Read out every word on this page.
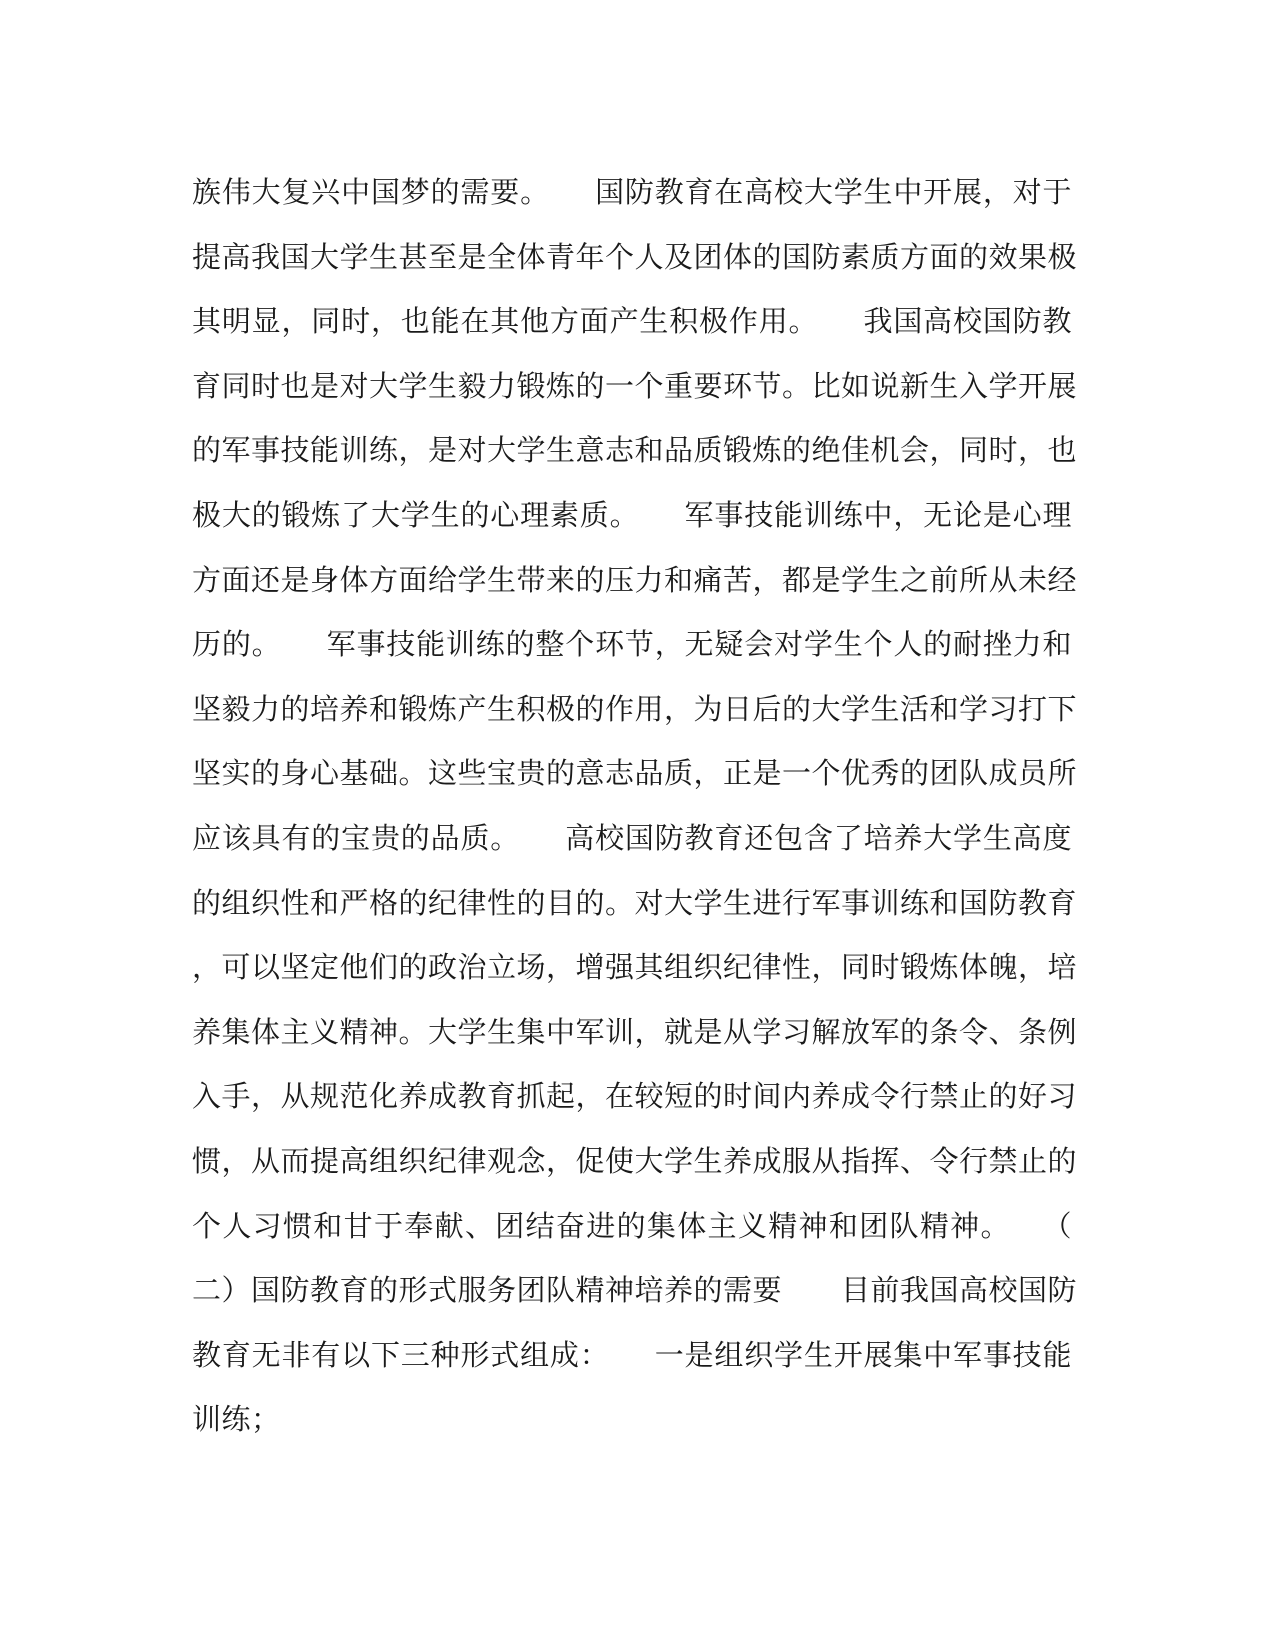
族伟大复兴中国梦的需要。　　国防教育在高校大学生中开展，对于
提高我国大学生甚至是全体青年个人及团体的国防素质方面的效果极
其明显，同时，也能在其他方面产生积极作用。　　我国高校国防教
育同时也是对大学生毅力锻炼的一个重要环节。比如说新生入学开展
的军事技能训练，是对大学生意志和品质锻炼的绝佳机会，同时，也
极大的锻炼了大学生的心理素质。　　军事技能训练中，无论是心理
方面还是身体方面给学生带来的压力和痛苦，都是学生之前所从未经
历的。　　军事技能训练的整个环节，无疑会对学生个人的耐挫力和
坚毅力的培养和锻炼产生积极的作用，为日后的大学生活和学习打下
坚实的身心基础。这些宝贵的意志品质，正是一个优秀的团队成员所
应该具有的宝贵的品质。　　高校国防教育还包含了培养大学生高度
的组织性和严格的纪律性的目的。对大学生进行军事训练和国防教育
，可以坚定他们的政治立场，增强其组织纪律性，同时锻炼体魄，培
养集体主义精神。大学生集中军训，就是从学习解放军的条令、条例
入手，从规范化养成教育抓起，在较短的时间内养成令行禁止的好习
惯，从而提高组织纪律观念，促使大学生养成服从指挥、令行禁止的
个人习惯和甘于奉献、团结奋进的集体主义精神和团队精神。　　（
二）国防教育的形式服务团队精神培养的需要　　目前我国高校国防
教育无非有以下三种形式组成：　　一是组织学生开展集中军事技能
训练；
